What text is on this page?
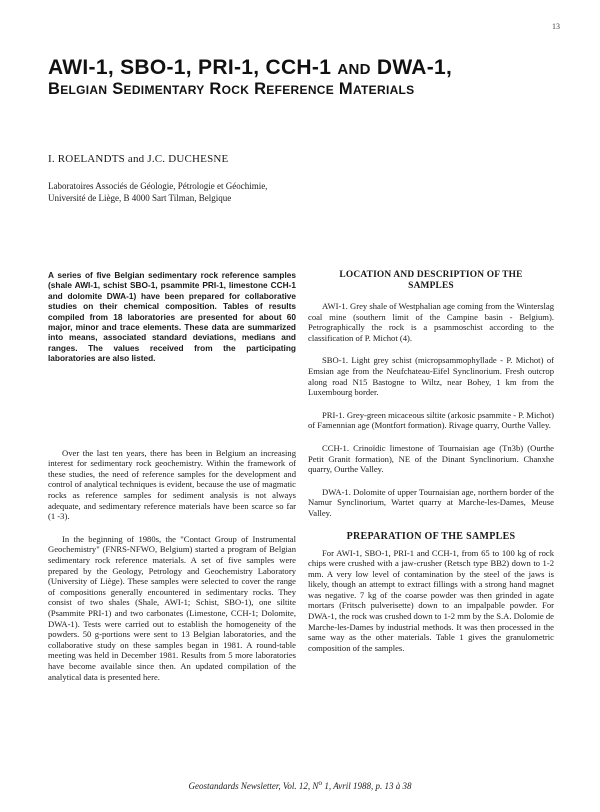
13
AWI-1, SBO-1, PRI-1, CCH-1 AND DWA-1,
Belgian Sedimentary Rock Reference Materials
I. ROELANDTS and J.C. DUCHESNE
Laboratoires Associés de Géologie, Pétrologie et Géochimie,
Université de Liège, B 4000 Sart Tilman, Belgique

A series of five Belgian sedimentary rock reference samples (shale AWI-1, schist SBO-1, psammite PRI-1, limestone CCH-1 and dolomite DWA-1) have been prepared for collaborative studies on their chemical composition. Tables of results compiled from 18 laboratories are presented for about 60 major, minor and trace elements. These data are summarized into means, associated standard deviations, medians and ranges. The values received from the participating laboratories are also listed.

Over the last ten years, there has been in Belgium an increasing interest for sedimentary rock geochemistry. Within the framework of these studies, the need of reference samples for the development and control of analytical techniques is evident, because the use of magmatic rocks as reference samples for sediment analysis is not always adequate, and sedimentary reference materials have been scarce so far (1 -3).

In the beginning of 1980s, the "Contact Group of Instrumental Geochemistry" (FNRS-NFWO, Belgium) started a program of Belgian sedimentary rock reference materials. A set of five samples were prepared by the Geology, Petrology and Geochemistry Laboratory (University of Liège). These samples were selected to cover the range of compositions generally encountered in sedimentary rocks. They consist of two shales (Shale, AWI-1; Schist, SBO-1), one siltite (Psammite PRI-1) and two carbonates (Limestone, CCH-1; Dolomite, DWA-1). Tests were carried out to establish the homogeneity of the powders. 50 g-portions were sent to 13 Belgian laboratories, and the collaborative study on these samples began in 1981. A round-table meeting was held in December 1981. Results from 5 more laboratories have become available since then. An updated compilation of the analytical data is presented here.

LOCATION AND DESCRIPTION OF THE
SAMPLES

AWI-1. Grey shale of Westphalian age coming from the Winterslag coal mine (southern limit of the Campine basin - Belgium). Petrographically the rock is a psammoschist according to the classification of P. Michot (4).

SBO-1. Light grey schist (micropsammophyllade - P. Michot) of Emsian age from the Neufchateau-Eifel Synclinorium. Fresh outcrop along road N15 Bastogne to Wiltz, near Bohey, 1 km from the Luxembourg border.

PRI-1. Grey-green micaceous siltite (arkosic psammite - P. Michot) of Famennian age (Montfort formation). Rivage quarry, Ourthe Valley.

CCH-1. Crinoïdic limestone of Tournaisian age (Tn3b) (Ourthe Petit Granit formation), NE of the Dinant Synclinorium. Chanxhe quarry, Ourthe Valley.

DWA-1. Dolomite of upper Tournaisian age, northern border of the Namur Synclinorium, Wartet quarry at Marche-les-Dames, Meuse Valley.

PREPARATION OF THE SAMPLES

For AWI-1, SBO-1, PRI-1 and CCH-1, from 65 to 100 kg of rock chips were crushed with a jaw-crusher (Retsch type BB2) down to 1-2 mm. A very low level of contamination by the steel of the jaws is likely, though an attempt to extract fillings with a strong hand magnet was negative. 7 kg of the coarse powder was then grinded in agate mortars (Fritsch pulverisette) down to an impalpable powder. For DWA-1, the rock was crushed down to 1-2 mm by the S.A. Dolomie de Marche-les-Dames by industrial methods. It was then processed in the same way as the other materials. Table 1 gives the granulometric composition of the samples.

Geostandards Newsletter, Vol. 12, $N^o$ 1, Avril 1988, p. 13 à 38
